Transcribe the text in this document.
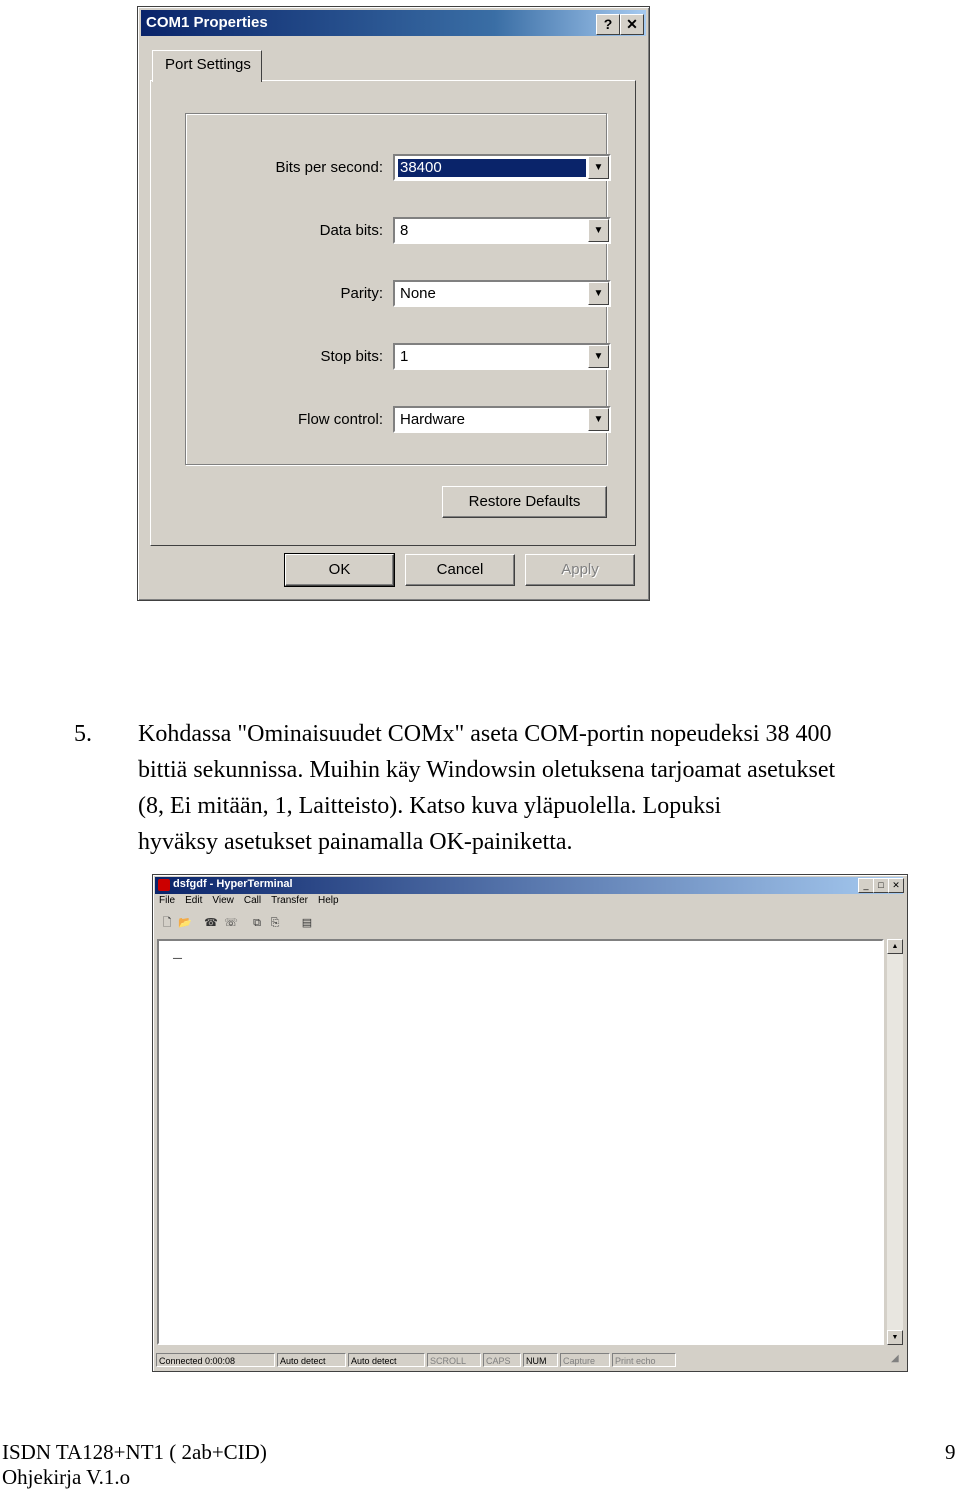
COM1 Properties	? ✕
Port Settings
Bits per second: 38400	▼
Data bits: 8	▼
Parity: None	▼
Stop bits: 1	▼
Flow control: Hardware	▼
Restore Defaults
OK	Cancel	Apply
5. Kohdassa "Ominaisuudet COMx" aseta COM-portin nopeudeksi 38 400
bittiä sekunnissa. Muihin käy Windowsin oletuksena tarjoamat asetukset
(8, Ei mitään, 1, Laitteisto). Katso kuva yläpuolella. Lopuksi
hyväksy asetukset painamalla OK-painiketta.
dsfgdf - HyperTerminal	_	□ ✕
File Edit View Call Transfer Help
🗋 📂 ☎ ☏	⧉ ⎘	▤
_	▲
▼
Connected 0:00:08	Auto detect	Auto detect	SCROLL	CAPS	NUM	Capture	Print echo	◢
ISDN TA128+NT1 ( 2ab+CID)
Ohjekirja V.1.o
9
